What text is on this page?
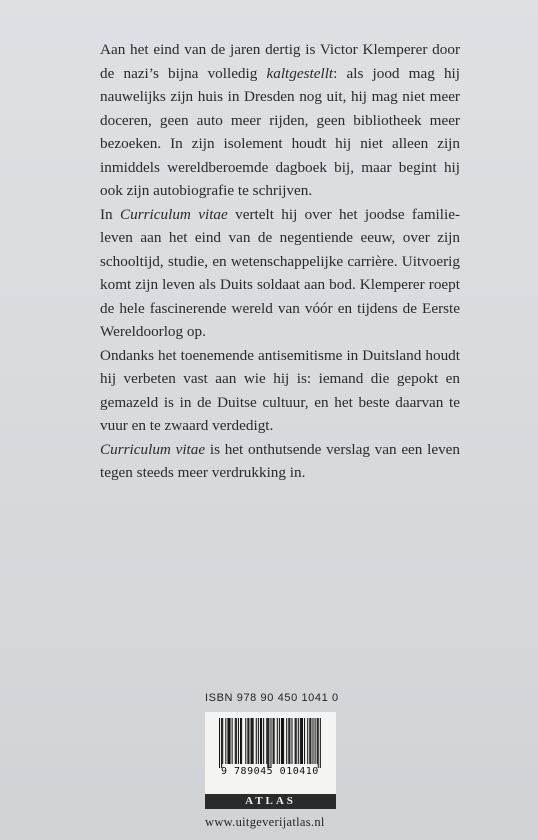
Aan het eind van de jaren dertig is Victor Klemperer door de nazi’s bijna volledig kaltgestellt: als jood mag hij nauwelijks zijn huis in Dresden nog uit, hij mag niet meer doceren, geen auto meer rijden, geen bibliotheek meer bezoeken. In zijn isolement houdt hij niet alleen zijn inmiddels wereldberoemde dagboek bij, maar begint hij ook zijn autobiografie te schrijven.

In Curriculum vitae vertelt hij over het joodse familie-leven aan het eind van de negentiende eeuw, over zijn schooltijd, studie, en wetenschappelijke carrière. Uitvoerig komt zijn leven als Duits soldaat aan bod. Klemperer roept de hele fascinerende wereld van vóór en tijdens de Eerste Wereldoorlog op.

Ondanks het toenemende antisemitisme in Duitsland houdt hij verbeten vast aan wie hij is: iemand die gepokt en gemazeld is in de Duitse cultuur, en het beste daarvan te vuur en te zwaard verdedigt.

Curriculum vitae is het onthutsende verslag van een leven tegen steeds meer verdrukking in.

ISBN 978 90 450 1041 0
9 789045 010410
ATLAS
www.uitgeverijatlas.nl
